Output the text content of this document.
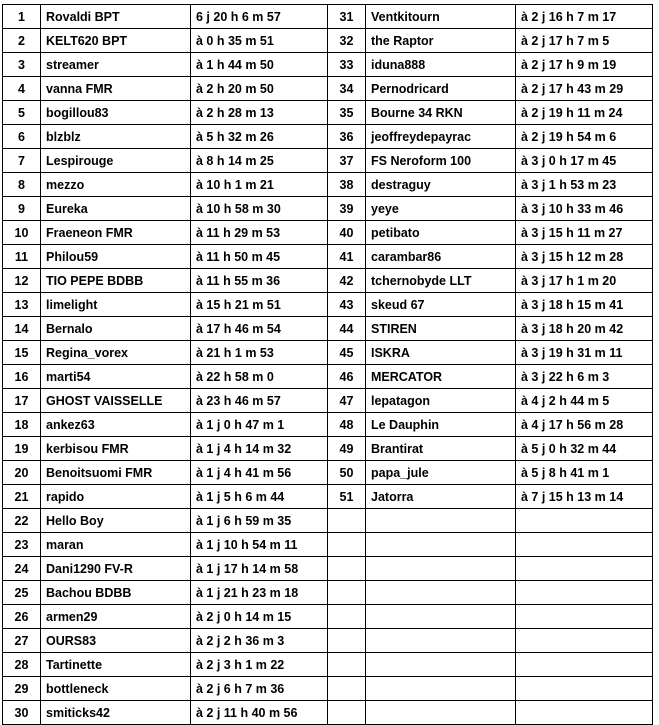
1	Rovaldi BPT	6 j 20 h 6 m 57	31	Ventkitourn	à 2 j 16 h 7 m 17
2	KELT620 BPT	à 0 h 35 m 51	32	the Raptor	à 2 j 17 h 7 m 5
3	streamer	à 1 h 44 m 50	33	iduna888	à 2 j 17 h 9 m 19
4	vanna FMR	à 2 h 20 m 50	34	Pernodricard	à 2 j 17 h 43 m 29
5	bogillou83	à 2 h 28 m 13	35	Bourne 34 RKN	à 2 j 19 h 11 m 24
6	blzblz	à 5 h 32 m 26	36	jeoffreydepayrac	à 2 j 19 h 54 m 6
7	Lespirouge	à 8 h 14 m 25	37	FS Neroform 100	à 3 j 0 h 17 m 45
8	mezzo	à 10 h 1 m 21	38	destraguy	à 3 j 1 h 53 m 23
9	Eureka	à 10 h 58 m 30	39	yeye	à 3 j 10 h 33 m 46
10	Fraeneon FMR	à 11 h 29 m 53	40	petibato	à 3 j 15 h 11 m 27
11	Philou59	à 11 h 50 m 45	41	carambar86	à 3 j 15 h 12 m 28
12	TIO PEPE BDBB	à 11 h 55 m 36	42	tchernobyde LLT	à 3 j 17 h 1 m 20
13	limelight	à 15 h 21 m 51	43	skeud 67	à 3 j 18 h 15 m 41
14	Bernalo	à 17 h 46 m 54	44	STIREN	à 3 j 18 h 20 m 42
15	Regina_vorex	à 21 h 1 m 53	45	ISKRA	à 3 j 19 h 31 m 11
16	marti54	à 22 h 58 m 0	46	MERCATOR	à 3 j 22 h 6 m 3
17	GHOST VAISSELLE	à 23 h 46 m 57	47	lepatagon	à 4 j 2 h 44 m 5
18	ankez63	à 1 j 0 h 47 m 1	48	Le Dauphin	à 4 j 17 h 56 m 28
19	kerbisou FMR	à 1 j 4 h 14 m 32	49	Brantirat	à 5 j 0 h 32 m 44
20	Benoitsuomi FMR	à 1 j 4 h 41 m 56	50	papa_jule	à 5 j 8 h 41 m 1
21	rapido	à 1 j 5 h 6 m 44	51	Jatorra	à 7 j 15 h 13 m 14
22	Hello Boy	à 1 j 6 h 59 m 35			
23	maran	à 1 j 10 h 54 m 11			
24	Dani1290 FV-R	à 1 j 17 h 14 m 58			
25	Bachou BDBB	à 1 j 21 h 23 m 18			
26	armen29	à 2 j 0 h 14 m 15			
27	OURS83	à 2 j 2 h 36 m 3			
28	Tartinette	à 2 j 3 h 1 m 22			
29	bottleneck	à 2 j 6 h 7 m 36			
30	smiticks42	à 2 j 11 h 40 m 56			
